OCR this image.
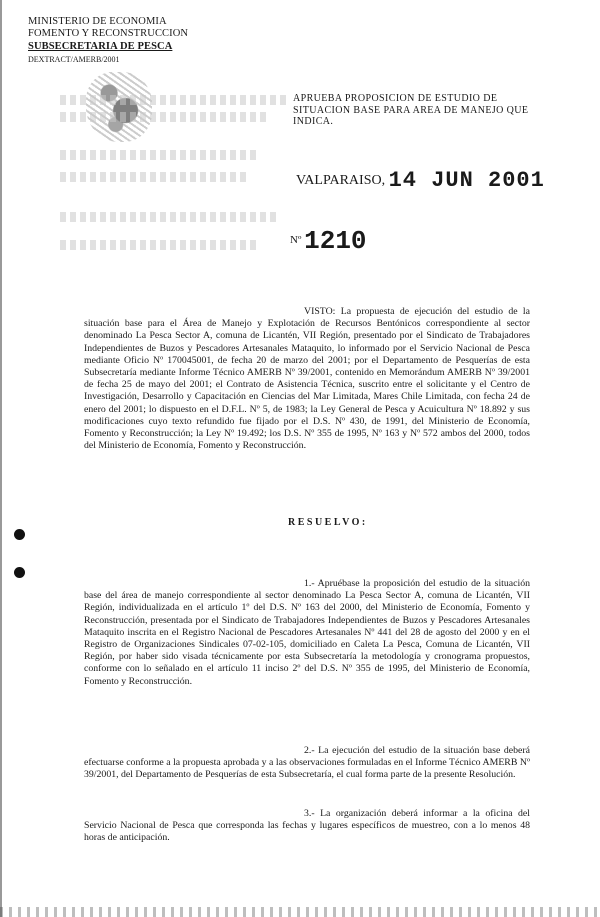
MINISTERIO DE ECONOMIA
FOMENTO Y RECONSTRUCCION
SUBSECRETARIA DE PESCA
DEXTRACT/AMERB/2001
APRUEBA PROPOSICION DE ESTUDIO DE SITUACION BASE PARA AREA DE MANEJO QUE INDICA.
VALPARAISO, 14 JUN 2001
Nº 1210
VISTO: La propuesta de ejecución del estudio de la situación base para el Área de Manejo y Explotación de Recursos Bentónicos correspondiente al sector denominado La Pesca Sector A, comuna de Licantén, VII Región, presentado por el Sindicato de Trabajadores Independientes de Buzos y Pescadores Artesanales Mataquito, lo informado por el Servicio Nacional de Pesca mediante Oficio Nº 170045001, de fecha 20 de marzo del 2001; por el Departamento de Pesquerías de esta Subsecretaría mediante Informe Técnico AMERB Nº 39/2001, contenido en Memorándum AMERB Nº 39/2001 de fecha 25 de mayo del 2001; el Contrato de Asistencia Técnica, suscrito entre el solicitante y el Centro de Investigación, Desarrollo y Capacitación en Ciencias del Mar Limitada, Mares Chile Limitada, con fecha 24 de enero del 2001; lo dispuesto en el D.F.L. Nº 5, de 1983; la Ley General de Pesca y Acuicultura Nº 18.892 y sus modificaciones cuyo texto refundido fue fijado por el D.S. Nº 430, de 1991, del Ministerio de Economía, Fomento y Reconstrucción; la Ley Nº 19.492; los D.S. Nº 355 de 1995, Nº 163 y Nº 572 ambos del 2000, todos del Ministerio de Economía, Fomento y Reconstrucción.
RESUELVO:
1.- Apruébase la proposición del estudio de la situación base del área de manejo correspondiente al sector denominado La Pesca Sector A, comuna de Licantén, VII Región, individualizada en el artículo 1º del D.S. Nº 163 del 2000, del Ministerio de Economía, Fomento y Reconstrucción, presentada por el Sindicato de Trabajadores Independientes de Buzos y Pescadores Artesanales Mataquito inscrita en el Registro Nacional de Pescadores Artesanales Nº 441 del 28 de agosto del 2000 y en el Registro de Organizaciones Sindicales 07-02-105, domiciliado en Caleta La Pesca, Comuna de Licantén, VII Región, por haber sido visada técnicamente por esta Subsecretaría la metodología y cronograma propuestos, conforme con lo señalado en el artículo 11 inciso 2º del D.S. Nº 355 de 1995, del Ministerio de Economía, Fomento y Reconstrucción.
2.- La ejecución del estudio de la situación base deberá efectuarse conforme a la propuesta aprobada y a las observaciones formuladas en el Informe Técnico AMERB Nº 39/2001, del Departamento de Pesquerías de esta Subsecretaría, el cual forma parte de la presente Resolución.
3.- La organización deberá informar a la oficina del Servicio Nacional de Pesca que corresponda las fechas y lugares específicos de muestreo, con a lo menos 48 horas de anticipación.
